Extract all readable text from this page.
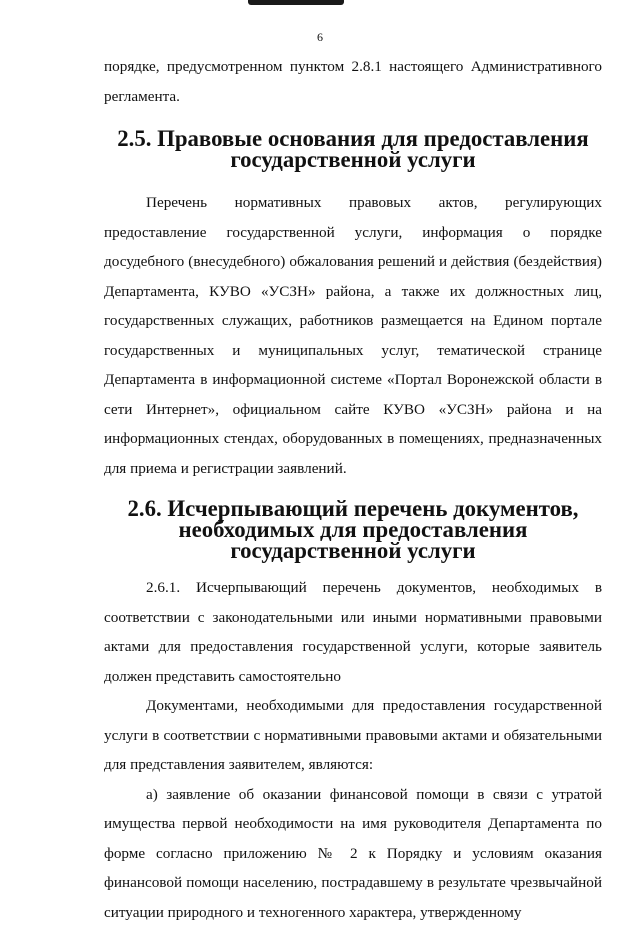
6

порядке, предусмотренном пунктом 2.8.1 настоящего Административного регламента.

2.5. Правовые основания для предоставления государственной услуги

Перечень нормативных правовых актов, регулирующих предоставление государственной услуги, информация о порядке досудебного (внесудебного) обжалования решений и действия (бездействия) Департамента, КУВО «УСЗН» района, а также их должностных лиц, государственных служащих, работников размещается на Едином портале государственных и муниципальных услуг, тематической странице Департамента в информационной системе «Портал Воронежской области в сети Интернет», официальном сайте КУВО «УСЗН» района и на информационных стендах, оборудованных в помещениях, предназначенных для приема и регистрации заявлений.

2.6. Исчерпывающий перечень документов,
необходимых для предоставления государственной услуги

2.6.1. Исчерпывающий перечень документов, необходимых в соответствии с законодательными или иными нормативными правовыми актами для предоставления государственной услуги, которые заявитель должен представить самостоятельно

Документами, необходимыми для предоставления государственной услуги в соответствии с нормативными правовыми актами и обязательными для представления заявителем, являются:

а) заявление об оказании финансовой помощи в связи с утратой имущества первой необходимости на имя руководителя Департамента по форме согласно приложению № 2 к Порядку и условиям оказания финансовой помощи населению, пострадавшему в результате чрезвычайной ситуации природного и техногенного характера, утвержденному
